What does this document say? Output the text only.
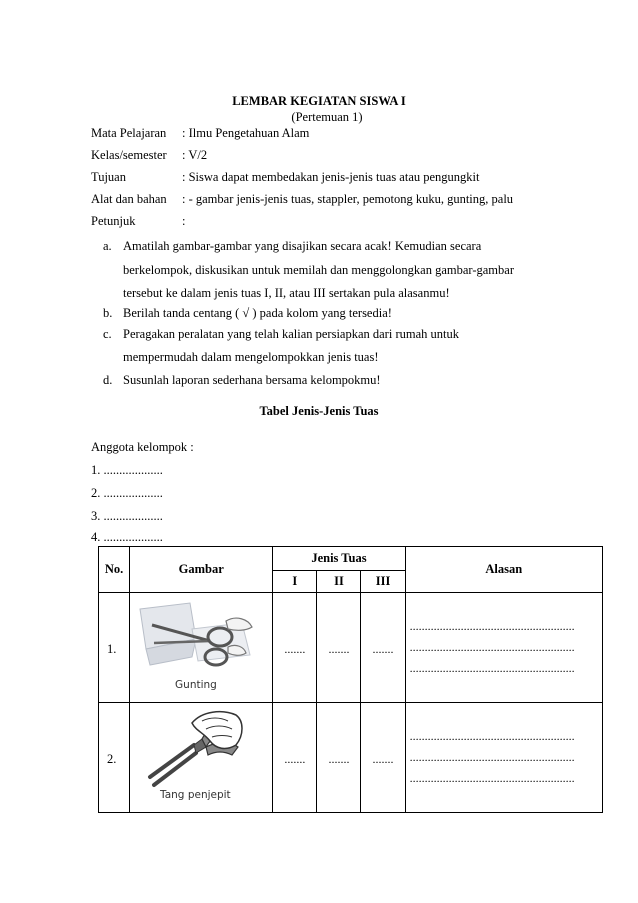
LEMBAR KEGIATAN SISWA I
(Pertemuan 1)
Mata Pelajaran : Ilmu Pengetahuan Alam
Kelas/semester : V/2
Tujuan	: Siswa dapat membedakan jenis-jenis tuas atau pengungkit
Alat dan bahan : - gambar jenis-jenis tuas, stappler, pemotong kuku, gunting, palu
Petunjuk	:
a. Amatilah gambar-gambar yang disajikan secara acak! Kemudian secara
berkelompok, diskusikan untuk memilah dan menggolongkan gambar-gambar
tersebut ke dalam jenis tuas I, II, atau III sertakan pula alasanmu!
b. Berilah tanda centang ( √ ) pada kolom yang tersedia!
c. Peragakan peralatan yang telah kalian persiapkan dari rumah untuk
mempermudah dalam mengelompokkan jenis tuas!
d. Susunlah laporan sederhana bersama kelompokmu!
Tabel Jenis-Jenis Tuas
Anggota kelompok :
1. ...................
2. ...................
3. ...................
4. ...................
No.	Gambar	Jenis Tuas			Alasan
		I	II	III	
1.	Gunting	.......	.......	.......	.......................................................
.......................................................
.......................................................

2.	Tang penjepit	.......	.......	.......	.......................................................
.......................................................
.......................................................
